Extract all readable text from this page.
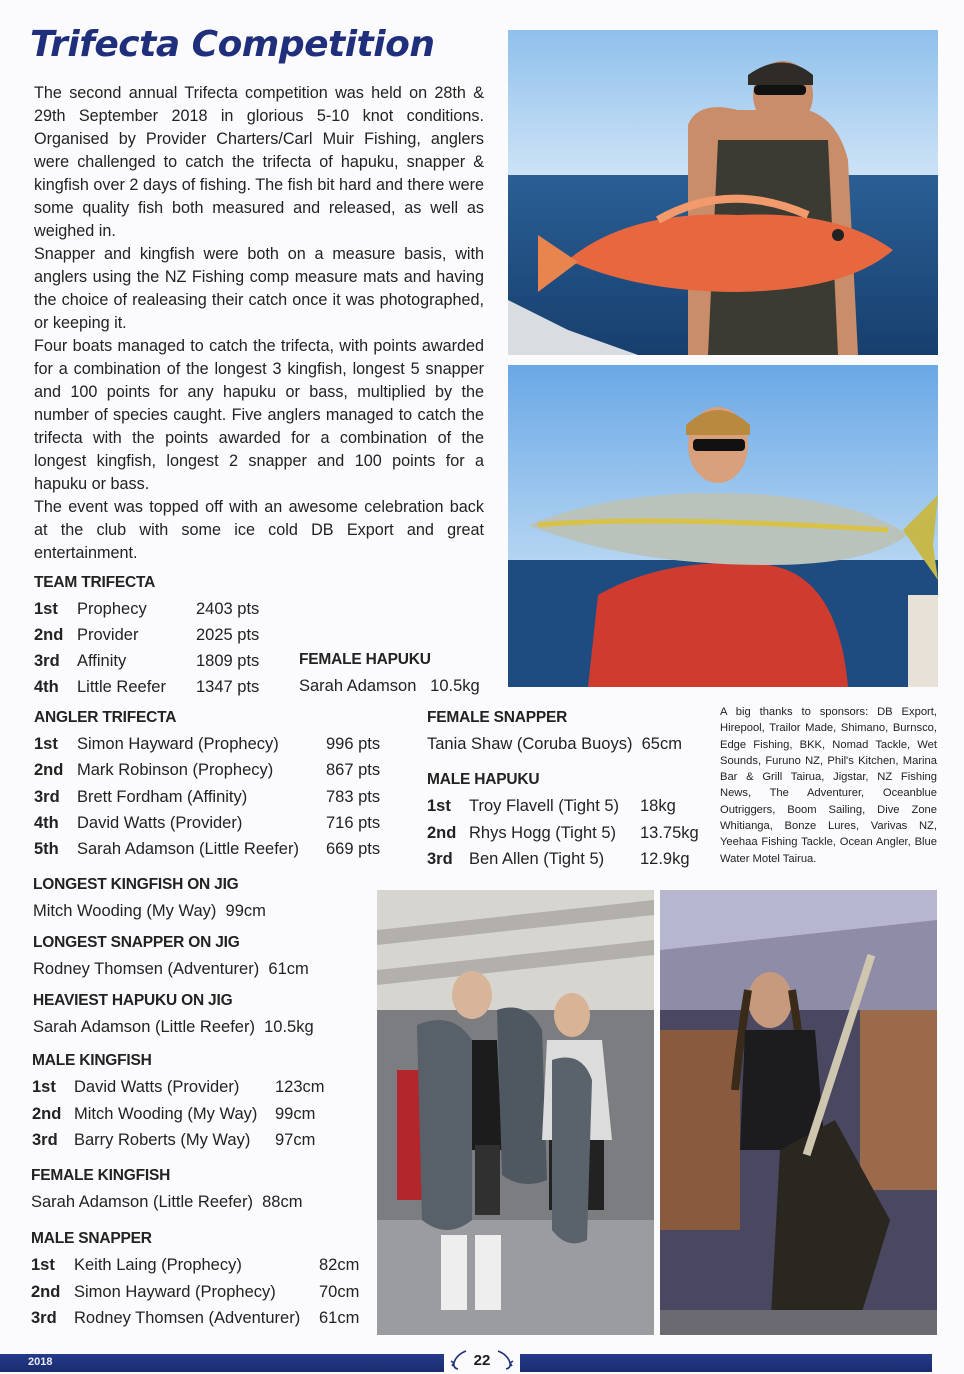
Trifecta Competition

The second annual Trifecta competition was held on 28th & 29th September 2018 in glorious 5-10 knot conditions. Organised by Provider Charters/Carl Muir Fishing, anglers were challenged to catch the trifecta of hapuku, snapper & kingfish over 2 days of fishing. The fish bit hard and there were some quality fish both measured and released, as well as weighed in.

Snapper and kingfish were both on a measure basis, with anglers using the NZ Fishing comp measure mats and having the choice of realeasing their catch once it was photographed, or keeping it.

Four boats managed to catch the trifecta, with points awarded for a combination of the longest 3 kingfish, longest 5 snapper and 100 points for any hapuku or bass, multiplied by the number of species caught. Five anglers managed to catch the trifecta with the points awarded for a combination of the longest kingfish, longest 2 snapper and 100 points for a hapuku or bass.

The event was topped off with an awesome celebration back at the club with some ice cold DB Export and great entertainment.

TEAM TRIFECTA
1st Prophecy	2403 pts
2nd Provider	2025 pts
3rd Affinity	1809 pts
4th Little Reefer 1347 pts
FEMALE HAPUKU
Sarah Adamson   10.5kg
ANGLER TRIFECTA
1st Simon Hayward (Prophecy)	996 pts
2nd Mark Robinson (Prophecy)	867 pts
3rd Brett Fordham (Affinity)	783 pts
4th David Watts (Provider)	716 pts
5th Sarah Adamson (Little Reefer) 669 pts
FEMALE SNAPPER
Tania Shaw (Coruba Buoys)  65cm
MALE HAPUKU
1st Troy Flavell (Tight 5) 18kg
2nd Rhys Hogg (Tight 5) 13.75kg
3rd Ben Allen (Tight 5) 12.9kg
A big thanks to sponsors: DB Export, Hirepool, Trailor Made, Shimano, Burnsco, Edge Fishing, BKK, Nomad Tackle, Wet Sounds, Furuno NZ, Phil's Kitchen, Marina Bar & Grill Tairua, Jigstar, NZ Fishing News, The Adventurer, Oceanblue Outriggers, Boom Sailing, Dive Zone Whitianga, Bonze Lures, Varivas NZ, Yeehaa Fishing Tackle, Ocean Angler, Blue Water Motel Tairua.
LONGEST KINGFISH ON JIG
Mitch Wooding (My Way)  99cm
LONGEST SNAPPER ON JIG
Rodney Thomsen (Adventurer)  61cm
HEAVIEST HAPUKU ON JIG
Sarah Adamson (Little Reefer)  10.5kg
MALE KINGFISH
1st David Watts (Provider) 123cm
2nd Mitch Wooding (My Way) 99cm
3rd Barry Roberts (My Way) 97cm
FEMALE KINGFISH
Sarah Adamson (Little Reefer)  88cm
MALE SNAPPER
1st Keith Laing (Prophecy)	82cm
2nd Simon Hayward (Prophecy)	70cm
3rd Rodney Thomsen (Adventurer) 61cm
2018	22
